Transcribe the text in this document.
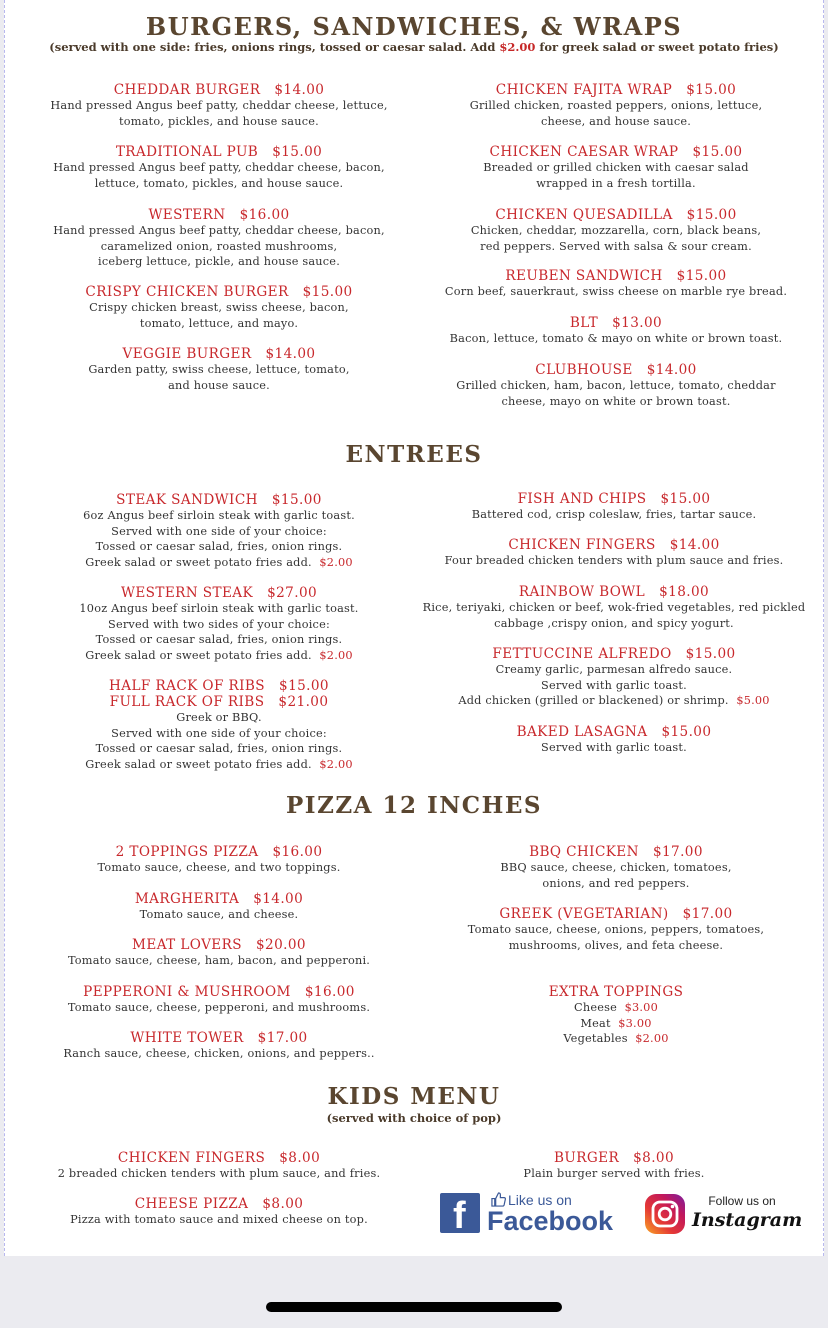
BURGERS, SANDWICHES, & WRAPS
(served with one side: fries, onions rings, tossed or caesar salad. Add $2.00 for greek salad or sweet potato fries)
CHEDDAR BURGER $14.00
Hand pressed Angus beef patty, cheddar cheese, lettuce,
tomato, pickles, and house sauce.
TRADITIONAL PUB $15.00
Hand pressed Angus beef patty, cheddar cheese, bacon,
lettuce, tomato, pickles, and house sauce.
WESTERN $16.00
Hand pressed Angus beef patty, cheddar cheese, bacon,
caramelized onion, roasted mushrooms,
iceberg lettuce, pickle, and house sauce.
CRISPY CHICKEN BURGER $15.00
Crispy chicken breast, swiss cheese, bacon,
tomato, lettuce, and mayo.
VEGGIE BURGER $14.00
Garden patty, swiss cheese, lettuce, tomato,
and house sauce.
CHICKEN FAJITA WRAP $15.00
Grilled chicken, roasted peppers, onions, lettuce,
cheese, and house sauce.
CHICKEN CAESAR WRAP $15.00
Breaded or grilled chicken with caesar salad
wrapped in a fresh tortilla.
CHICKEN QUESADILLA $15.00
Chicken, cheddar, mozzarella, corn, black beans,
red peppers. Served with salsa & sour cream.
REUBEN SANDWICH $15.00
Corn beef, sauerkraut, swiss cheese on marble rye bread.
BLT $13.00
Bacon, lettuce, tomato & mayo on white or brown toast.
CLUBHOUSE $14.00
Grilled chicken, ham, bacon, lettuce, tomato, cheddar
cheese, mayo on white or brown toast.
ENTREES
STEAK SANDWICH $15.00
6oz Angus beef sirloin steak with garlic toast.
Served with one side of your choice:
Tossed or caesar salad, fries, onion rings.
Greek salad or sweet potato fries add. $2.00
WESTERN STEAK $27.00
10oz Angus beef sirloin steak with garlic toast.
Served with two sides of your choice:
Tossed or caesar salad, fries, onion rings.
Greek salad or sweet potato fries add. $2.00
HALF RACK OF RIBS $15.00
FULL RACK OF RIBS $21.00
Greek or BBQ.
Served with one side of your choice:
Tossed or caesar salad, fries, onion rings.
Greek salad or sweet potato fries add. $2.00
FISH AND CHIPS $15.00
Battered cod, crisp coleslaw, fries, tartar sauce.
CHICKEN FINGERS $14.00
Four breaded chicken tenders with plum sauce and fries.
RAINBOW BOWL $18.00
Rice, teriyaki, chicken or beef, wok-fried vegetables, red pickled
cabbage ,crispy onion, and spicy yogurt.
FETTUCCINE ALFREDO $15.00
Creamy garlic, parmesan alfredo sauce.
Served with garlic toast.
Add chicken (grilled or blackened) or shrimp. $5.00
BAKED LASAGNA $15.00
Served with garlic toast.
PIZZA 12 INCHES
2 TOPPINGS PIZZA $16.00
Tomato sauce, cheese, and two toppings.
MARGHERITA $14.00
Tomato sauce, and cheese.
MEAT LOVERS $20.00
Tomato sauce, cheese, ham, bacon, and pepperoni.
PEPPERONI & MUSHROOM $16.00
Tomato sauce, cheese, pepperoni, and mushrooms.
WHITE TOWER $17.00
Ranch sauce, cheese, chicken, onions, and peppers..
BBQ CHICKEN $17.00
BBQ sauce, cheese, chicken, tomatoes,
onions, and red peppers.
GREEK (VEGETARIAN) $17.00
Tomato sauce, cheese, onions, peppers, tomatoes,
mushrooms, olives, and feta cheese.
EXTRA TOPPINGS
Cheese $3.00
Meat $3.00
Vegetables $2.00
KIDS MENU
(served with choice of pop)
CHICKEN FINGERS $8.00
2 breaded chicken tenders with plum sauce, and fries.
CHEESE PIZZA $8.00
Pizza with tomato sauce and mixed cheese on top.
BURGER $8.00
Plain burger served with fries.
f	Like us on
Facebook
Follow us on
Instagram
